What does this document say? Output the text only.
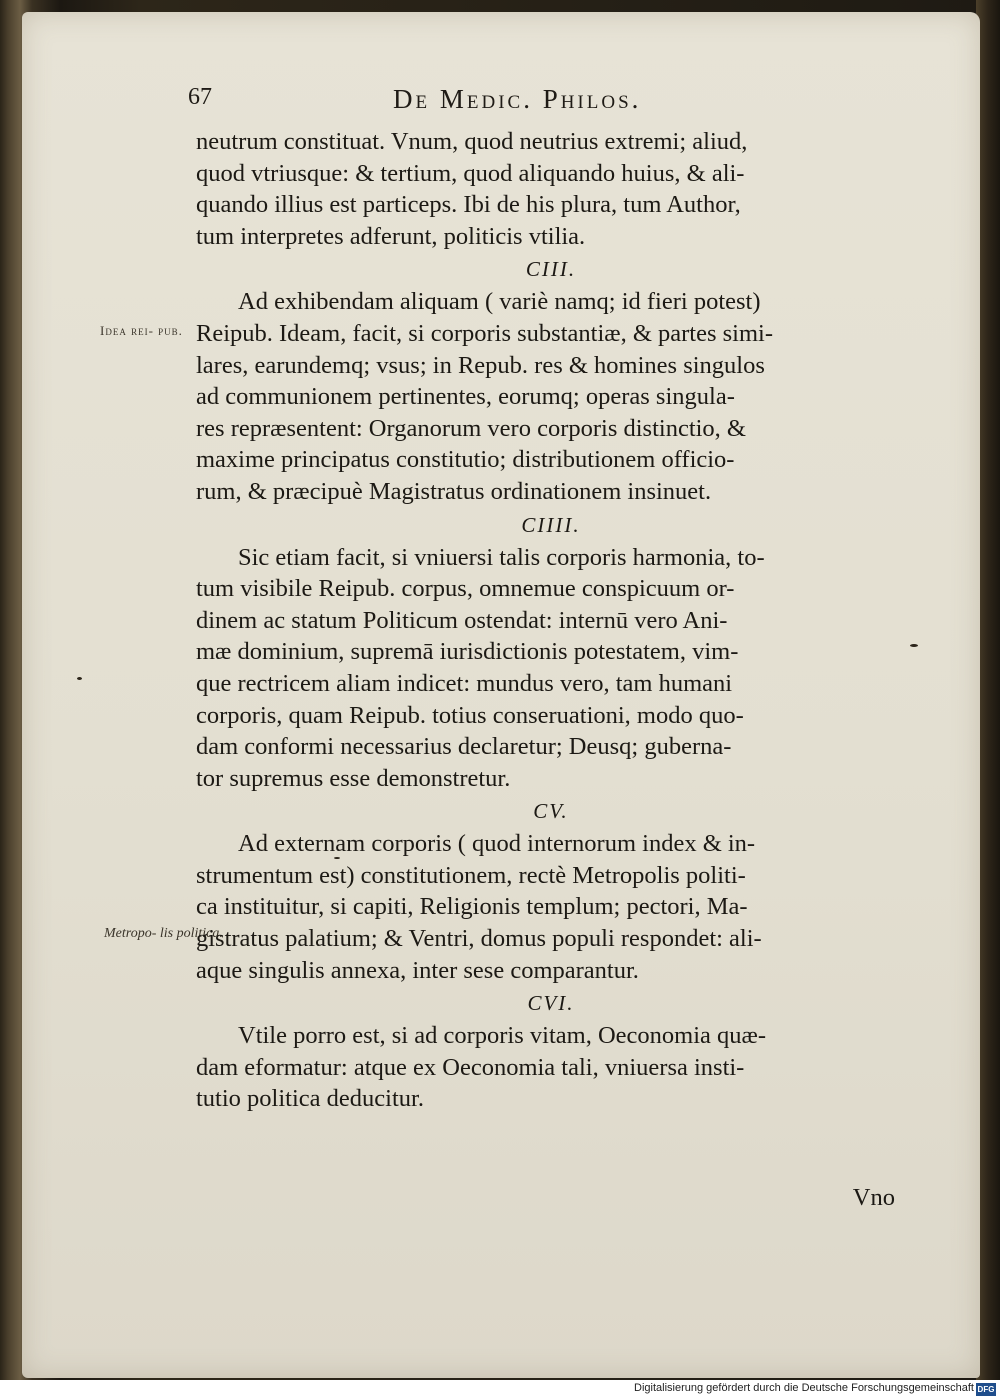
67	De Medic. Philos.
Idea rei- pub.
Metropo- lis politica.
neutrum constituat. Vnum, quod neutrius extremi; aliud,
quod vtriusque: & tertium, quod aliquando huius, & ali-
quando illius est particeps. Ibi de his plura, tum Author,
tum interpretes adferunt, politicis vtilia.
CIII.
Ad exhibendam aliquam ( variè namq; id fieri potest)
Reipub. Ideam, facit, si corporis substantiæ, & partes simi-
lares, earundemq; vsus; in Repub. res & homines singulos
ad communionem pertinentes, eorumq; operas singula-
res repræsentent: Organorum vero corporis distinctio, &
maxime principatus constitutio; distributionem officio-
rum, & præcipuè Magistratus ordinationem insinuet.
CIIII.
Sic etiam facit, si vniuersi talis corporis harmonia, to-
tum visibile Reipub. corpus, omnemue conspicuum or-
dinem ac statum Politicum ostendat: internū vero Ani-
mæ dominium, supremā iurisdictionis potestatem, vim-
que rectricem aliam indicet: mundus vero, tam humani
corporis, quam Reipub. totius conseruationi, modo quo-
dam conformi necessarius declaretur; Deusq; guberna-
tor supremus esse demonstretur.
CV.
Ad externam corporis ( quod internorum index & in-
strumentum est) constitutionem, rectè Metropolis politi-
ca instituitur, si capiti, Religionis templum; pectori, Ma-
gistratus palatium; & Ventri, domus populi respondet: ali-
aque singulis annexa, inter sese comparantur.
CVI.
Vtile porro est, si ad corporis vitam, Oeconomia quæ-
dam eformatur: atque ex Oeconomia tali, vniuersa insti-
tutio politica deducitur.
Vno
Digitalisierung gefördert durch die Deutsche Forschungsgemeinschaft DFG
